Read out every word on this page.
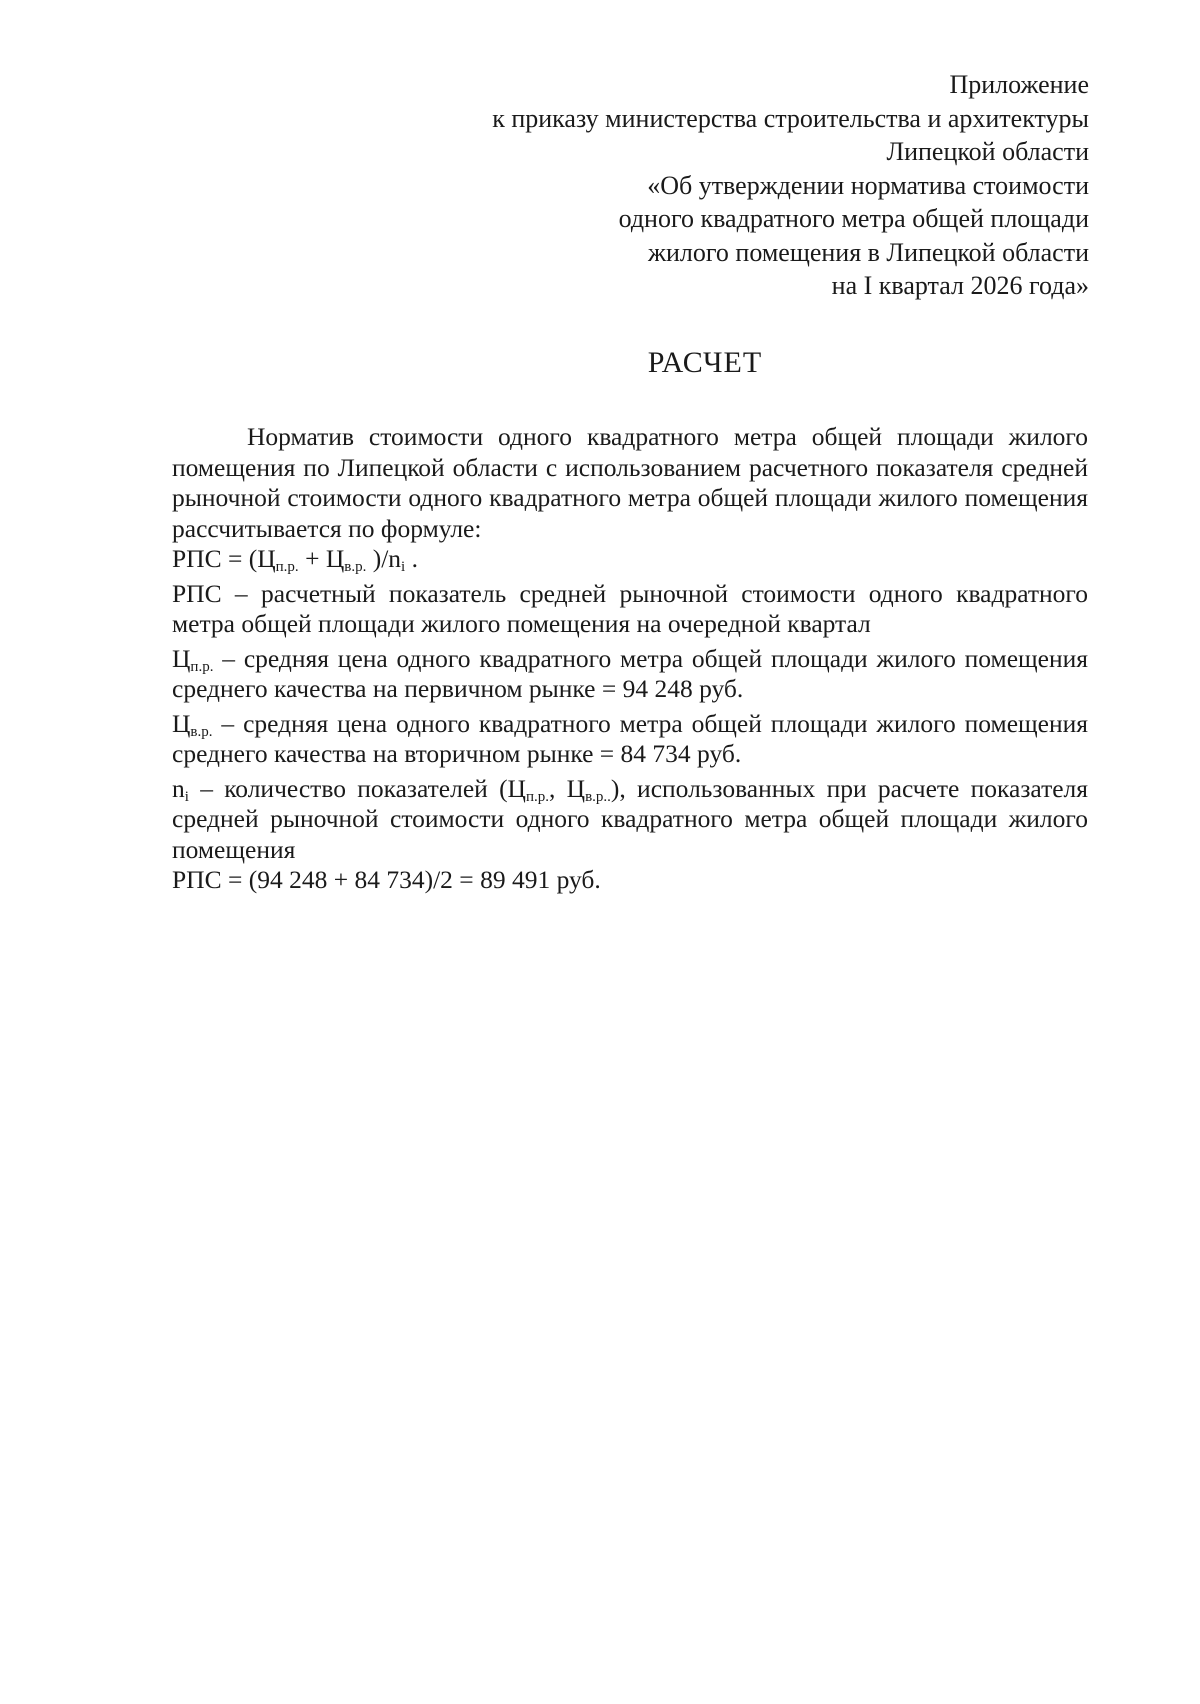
Приложение
к приказу министерства строительства и архитектуры
Липецкой области
«Об утверждении норматива стоимости
одного квадратного метра общей площади
жилого помещения в Липецкой области
на I квартал 2026 года»
РАСЧЕТ

Норматив стоимости одного квадратного метра общей площади жилого помещения по Липецкой области с использованием расчетного показателя средней рыночной стоимости одного квадратного метра общей площади жилого помещения рассчитывается по формуле:

РПС = ($Ц_{п.р.} + Ц_{в.р.}$ )$/n_i$ .

РПС – расчетный показатель средней рыночной стоимости одного квадратного метра общей площади жилого помещения на очередной квартал

$Ц_{п.р.}$ – средняя цена одного квадратного метра общей площади жилого помещения среднего качества на первичном рынке = 94 248 руб.

$Ц_{в.р.}$ – средняя цена одного квадратного метра общей площади жилого помещения среднего качества на вторичном рынке = 84 734 руб.

$n_i$ – количество показателей ($Ц_{п.р.}$, $Ц_{в.р..}$), использованных при расчете показателя средней рыночной стоимости одного квадратного метра общей площади жилого помещения

РПС = (94 248 + 84 734)/2 = 89 491 руб.
